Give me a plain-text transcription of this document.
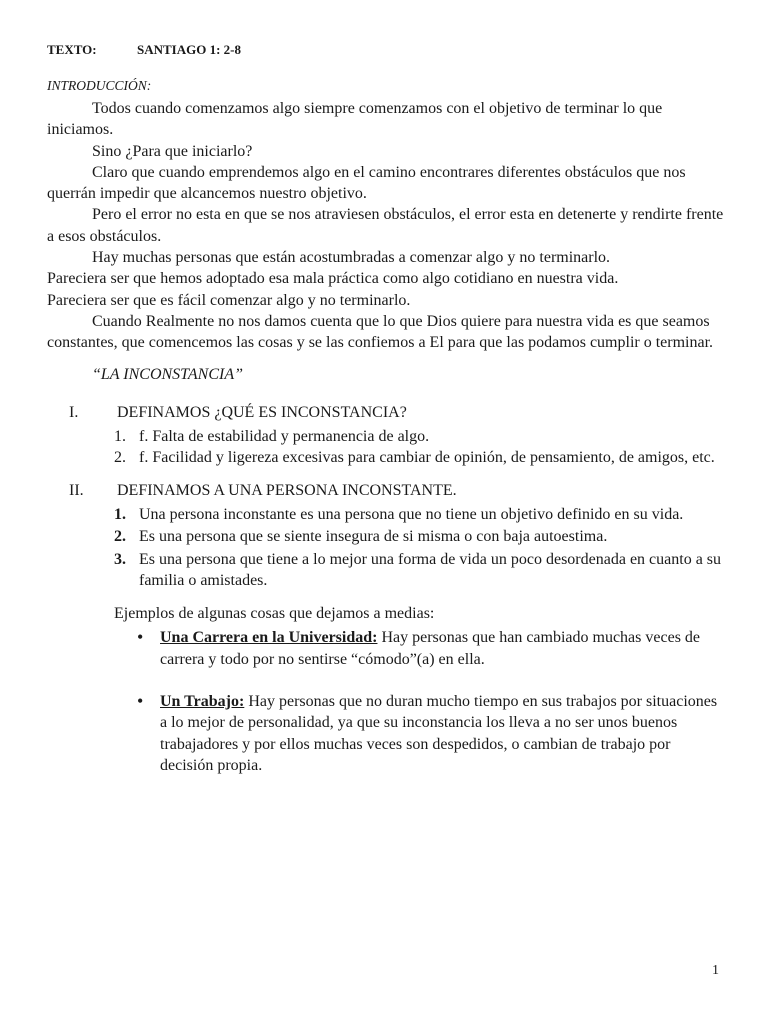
TEXTO:	SANTIAGO 1: 2-8
INTRODUCCIÓN:

Todos cuando comenzamos algo siempre comenzamos con el objetivo de terminar lo que iniciamos.

Sino ¿Para que iniciarlo?

Claro que cuando emprendemos algo en el camino encontrares diferentes obstáculos que nos querrán impedir que alcancemos nuestro objetivo.

Pero el error no esta en que se nos atraviesen obstáculos, el error esta en detenerte y rendirte frente a esos obstáculos.

Hay muchas personas que están acostumbradas a comenzar algo y no terminarlo.

Pareciera ser que hemos adoptado esa mala práctica como algo cotidiano en nuestra vida.

Pareciera ser que es fácil comenzar algo y no terminarlo.

Cuando Realmente no nos damos cuenta que lo que Dios quiere para nuestra vida es que seamos constantes, que comencemos las cosas y se las confiemos a El para que las podamos cumplir o terminar.

“LA INCONSTANCIA”
I.	DEFINAMOS ¿QUÉ ES INCONSTANCIA?
1. f. Falta de estabilidad y permanencia de algo.
2. f. Facilidad y ligereza excesivas para cambiar de opinión, de pensamiento, de amigos, etc.
II.	DEFINAMOS A UNA PERSONA INCONSTANTE.
1. Una persona inconstante es una persona que no tiene un objetivo definido en su vida.
2. Es una persona que se siente insegura de si misma o con baja autoestima.
3. Es una persona que tiene a lo mejor una forma de vida un poco desordenada en cuanto a su familia o amistades.
Ejemplos de algunas cosas que dejamos a medias:
•	Una Carrera en la Universidad: Hay personas que han cambiado muchas veces de carrera y todo por no sentirse “cómodo”(a) en ella.
•	Un Trabajo: Hay personas que no duran mucho tiempo en sus trabajos por situaciones a lo mejor de personalidad, ya que su inconstancia los lleva a no ser unos buenos trabajadores y por ellos muchas veces son despedidos, o cambian de trabajo por decisión propia.
1
